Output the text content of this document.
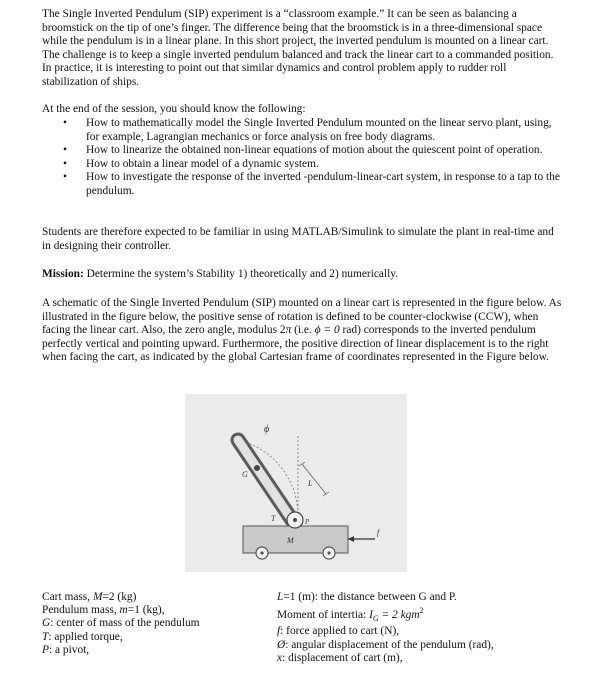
The Single Inverted Pendulum (SIP) experiment is a “classroom example.” It can be seen as balancing a broomstick on the tip of one’s finger. The difference being that the broomstick is in a three-dimensional space while the pendulum is in a linear plane. In this short project, the inverted pendulum is mounted on a linear cart. The challenge is to keep a single inverted pendulum balanced and track the linear cart to a commanded position. In practice, it is interesting to point out that similar dynamics and control problem apply to rudder roll stabilization of ships.

At the end of the session, you should know the following:

• How to mathematically model the Single Inverted Pendulum mounted on the linear servo plant, using, for example, Lagrangian mechanics or force analysis on free body diagrams.
• How to linearize the obtained non-linear equations of motion about the quiescent point of operation.
• How to obtain a linear model of a dynamic system.
• How to investigate the response of the inverted -pendulum-linear-cart system, in response to a tap to the pendulum.

Students are therefore expected to be familiar in using MATLAB/Simulink to simulate the plant in real-time and in designing their controller.

Mission: Determine the system’s Stability 1) theoretically and 2) numerically.

A schematic of the Single Inverted Pendulum (SIP) mounted on a linear cart is represented in the figure below. As illustrated in the figure below, the positive sense of rotation is defined to be counter-clockwise (CCW), when facing the linear cart. Also, the zero angle, modulus 2π (i.e. ϕ = 0 rad) corresponds to the inverted pendulum perfectly vertical and pointing upward. Furthermore, the positive direction of linear displacement is to the right when facing the cart, as indicated by the global Cartesian frame of coordinates represented in the Figure below.

ϕ
L
G
M
T	P
f
Cart mass, M=2 (kg)
Pendulum mass, m=1 (kg),
G: center of mass of the pendulum
T: applied torque,
P: a pivot,
L=1 (m): the distance between G and P.
Moment of intertia: $I_G = 2$ kgm$^2$
f: force applied to cart (N),
Ø: angular displacement of the pendulum (rad),
x: displacement of cart (m),
